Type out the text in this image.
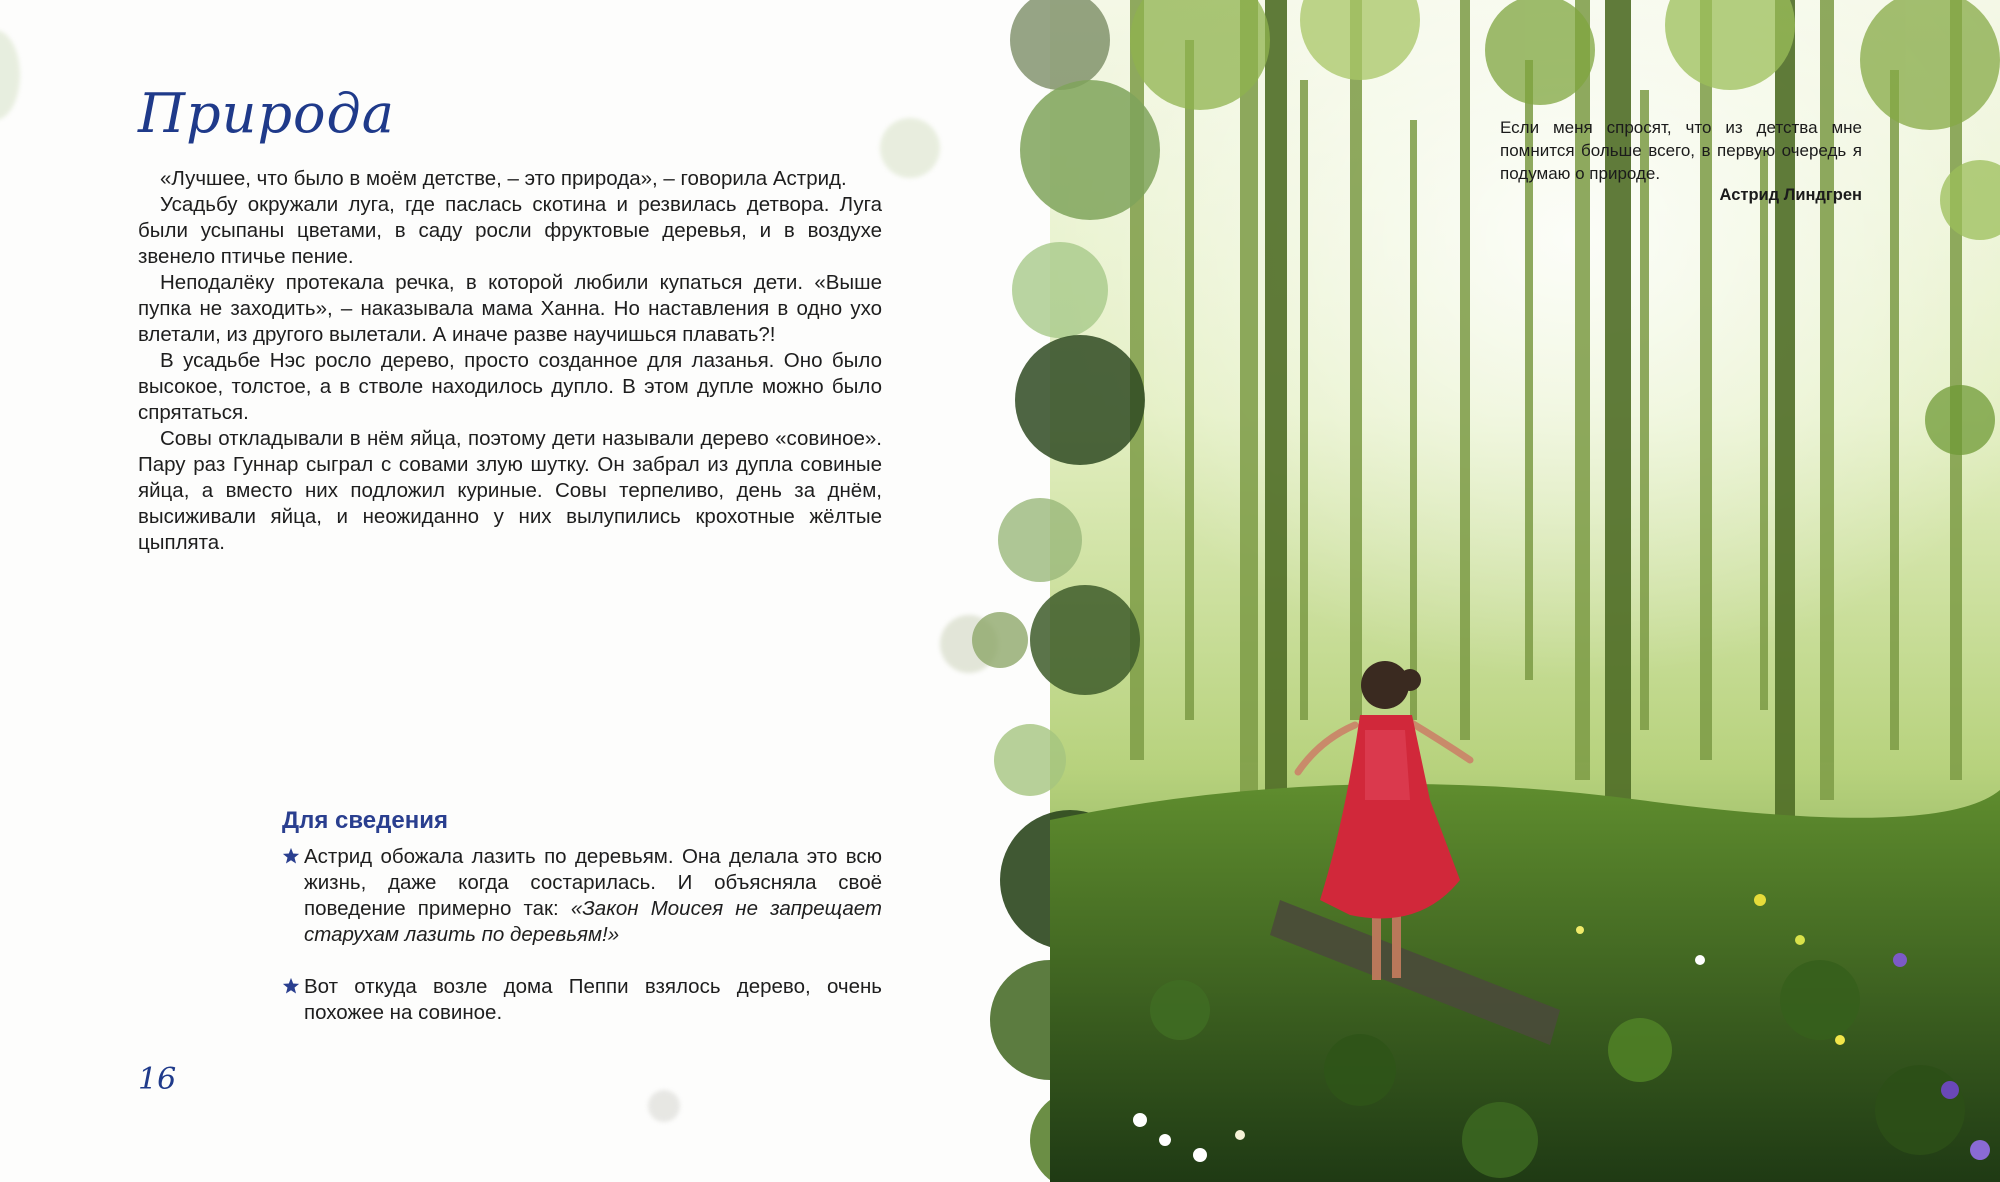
Природа

«Лучшее, что было в моём детстве, – это природа», – говорила Астрид.

Усадьбу окружали луга, где паслась скотина и резвилась детвора. Луга были усыпаны цветами, в саду росли фруктовые деревья, и в воздухе звенело птичье пение.

Неподалёку протекала речка, в которой любили купаться дети. «Выше пупка не заходить», – наказывала мама Ханна. Но наставления в одно ухо влетали, из другого вылетали. А иначе разве научишься плавать?!

В усадьбе Нэс росло дерево, просто созданное для лазанья. Оно было высокое, толстое, а в стволе находилось дупло. В этом дупле можно было спрятаться.

Совы откладывали в нём яйца, поэтому дети называли дерево «совиное». Пару раз Гуннар сыграл с совами злую шутку. Он забрал из дупла совиные яйца, а вместо них подложил куриные. Совы терпеливо, день за днём, высиживали яйца, и неожиданно у них вылупились крохотные жёлтые цыплята.

Для сведения
Астрид обожала лазить по деревьям. Она делала это всю жизнь, даже когда состарилась. И объясняла своё поведение примерно так: «Закон Моисея не запрещает старухам лазить по деревьям!»
Вот откуда возле дома Пеппи взялось дерево, очень похожее на совиное.
16
Если меня спросят, что из детства мне помнится больше всего, в первую очередь я подумаю о природе.
Астрид Линдгрен
